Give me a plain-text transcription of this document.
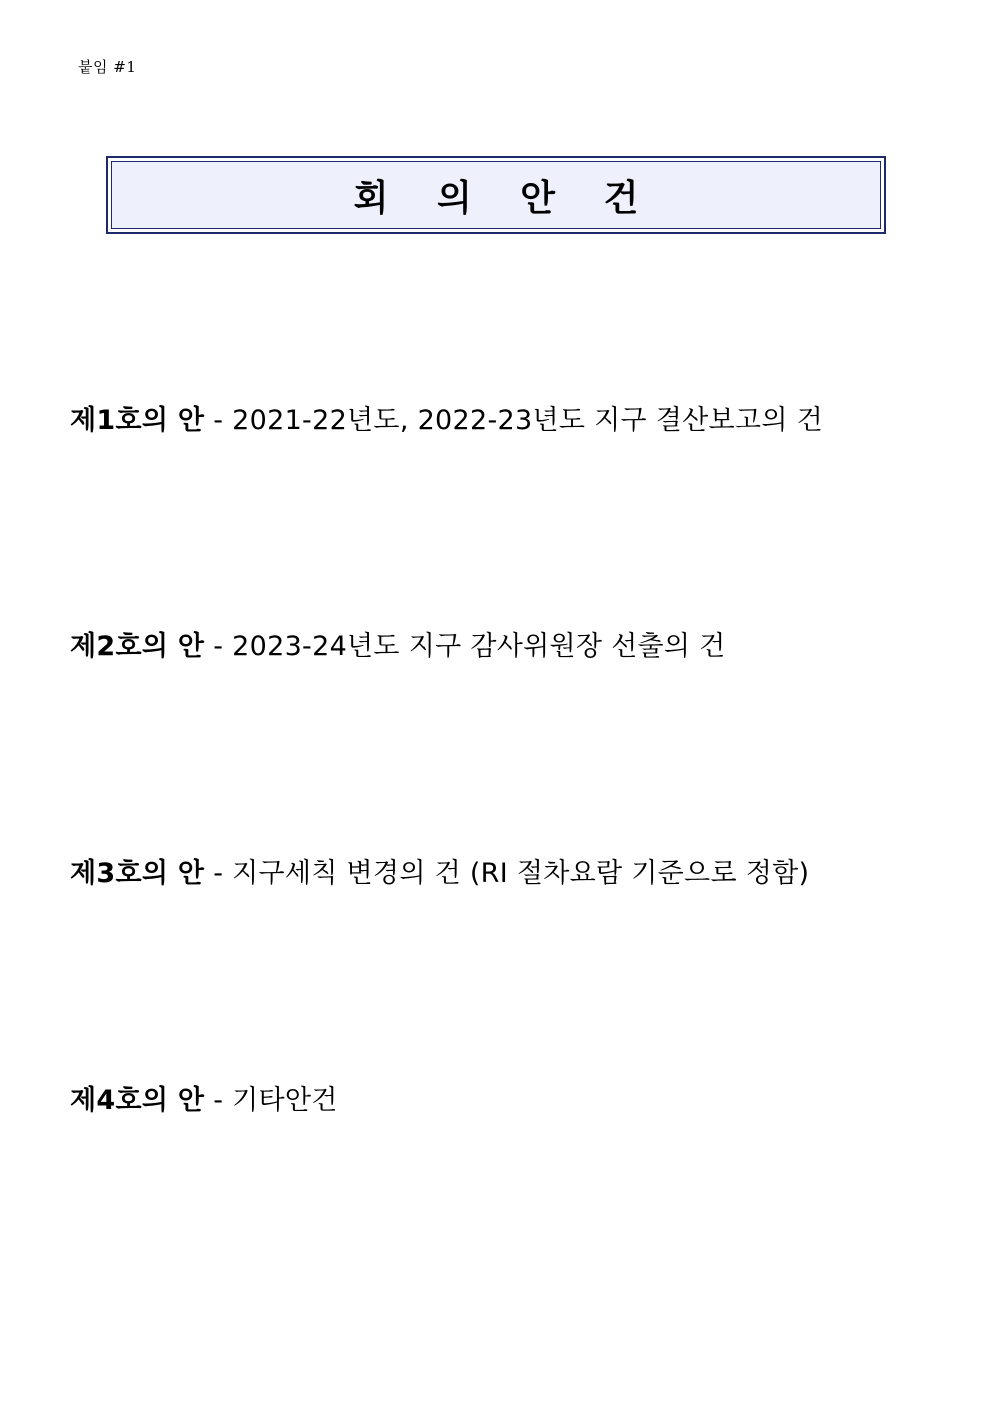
붙임 #1
회 의 안 건
제1호의 안 - 2021-22년도, 2022-23년도 지구 결산보고의 건
제2호의 안 - 2023-24년도 지구 감사위원장 선출의 건
제3호의 안 - 지구세칙 변경의 건 (RI 절차요람 기준으로 정함)
제4호의 안 - 기타안건
